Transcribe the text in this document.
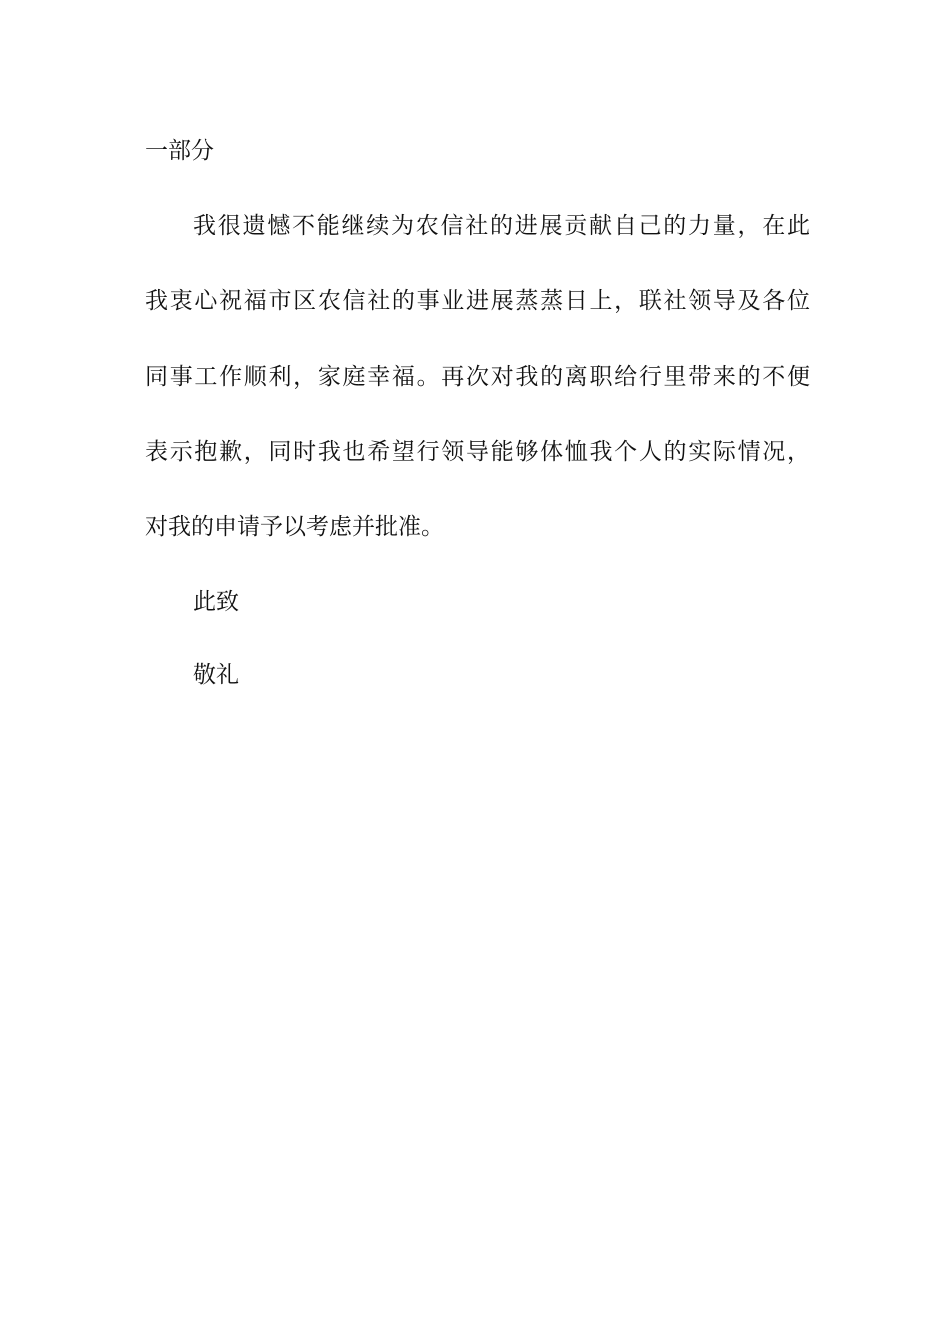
一部分
我很遗憾不能继续为农信社的进展贡献自己的力量，在此
我衷心祝福市区农信社的事业进展蒸蒸日上，联社领导及各位
同事工作顺利，家庭幸福。再次对我的离职给行里带来的不便
表示抱歉，同时我也希望行领导能够体恤我个人的实际情况，
对我的申请予以考虑并批准。
此致
敬礼
